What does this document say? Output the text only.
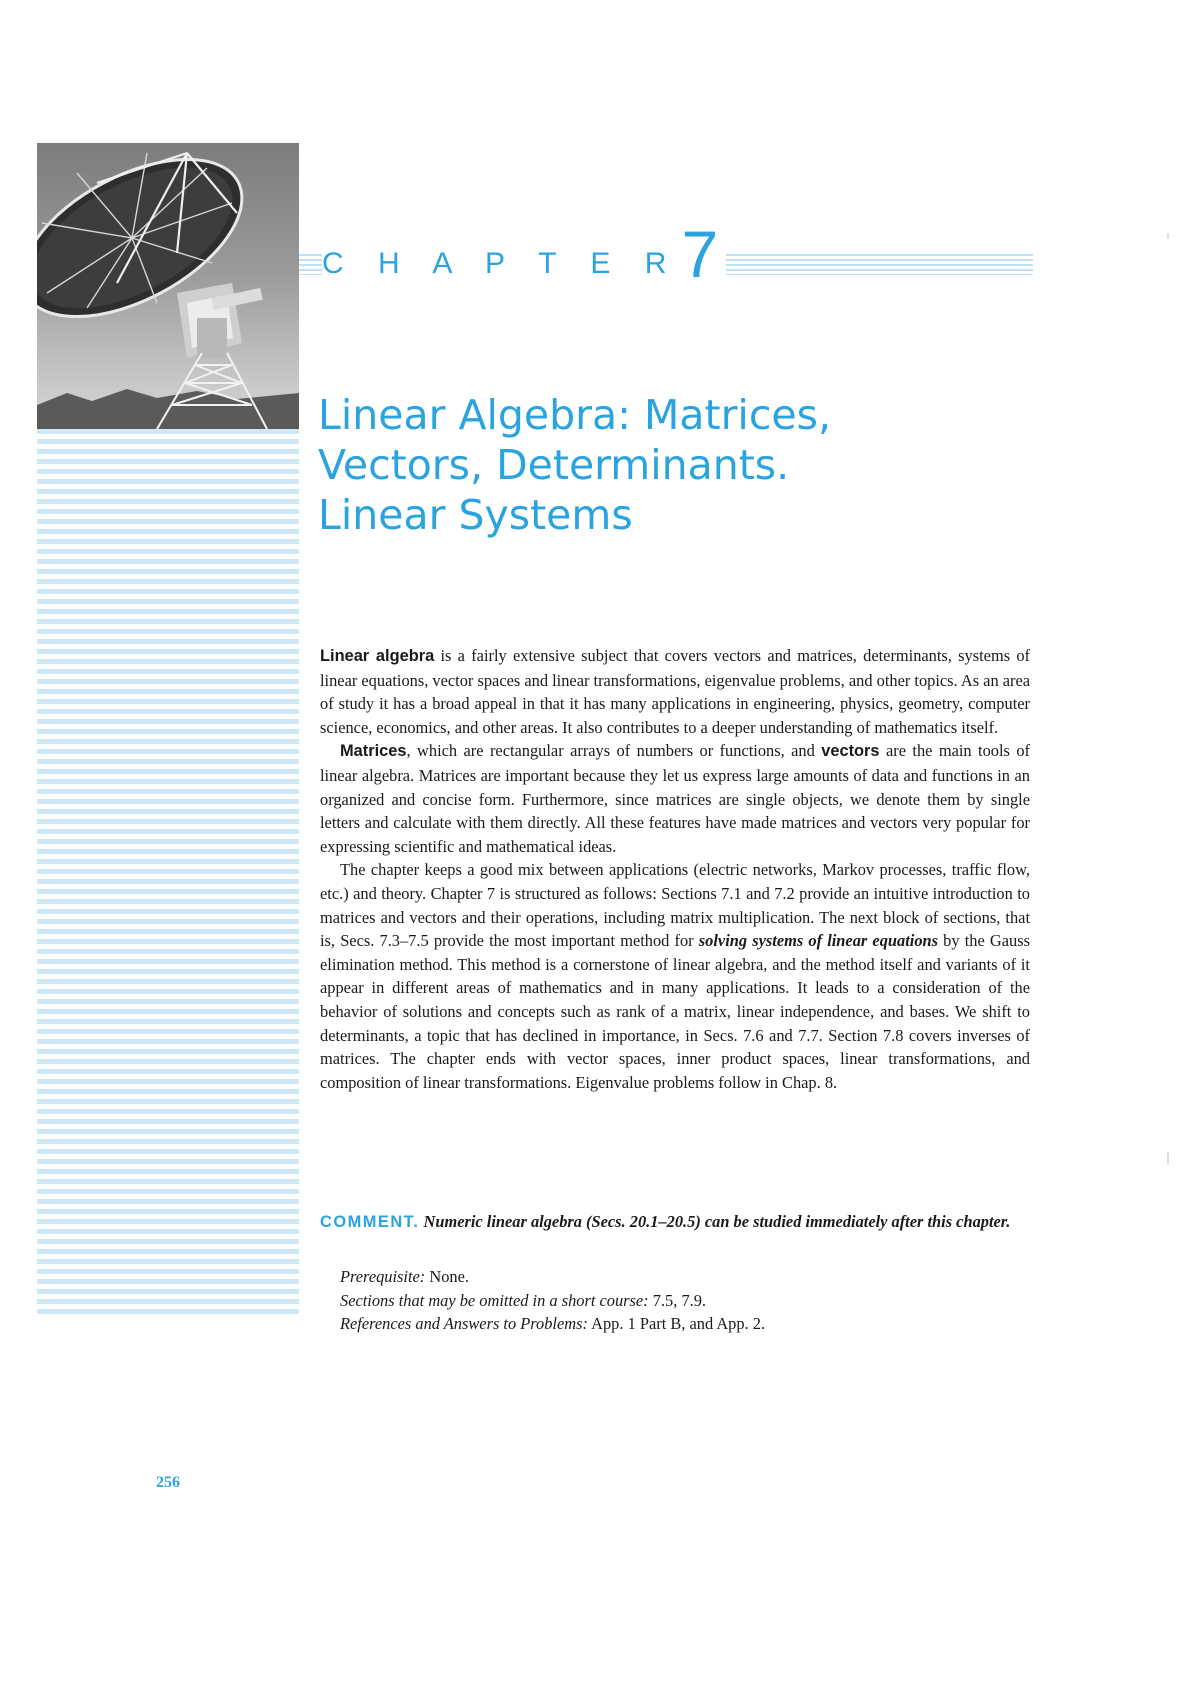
C H A P T E R 7
Linear Algebra: Matrices,
Vectors, Determinants.
Linear Systems

Linear algebra is a fairly extensive subject that covers vectors and matrices, determinants, systems of linear equations, vector spaces and linear transformations, eigenvalue problems, and other topics. As an area of study it has a broad appeal in that it has many applications in engineering, physics, geometry, computer science, economics, and other areas. It also contributes to a deeper understanding of mathematics itself.

Matrices, which are rectangular arrays of numbers or functions, and vectors are the main tools of linear algebra. Matrices are important because they let us express large amounts of data and functions in an organized and concise form. Furthermore, since matrices are single objects, we denote them by single letters and calculate with them directly. All these features have made matrices and vectors very popular for expressing scientific and mathematical ideas.

The chapter keeps a good mix between applications (electric networks, Markov processes, traffic flow, etc.) and theory. Chapter 7 is structured as follows: Sections 7.1 and 7.2 provide an intuitive introduction to matrices and vectors and their operations, including matrix multiplication. The next block of sections, that is, Secs. 7.3–7.5 provide the most important method for solving systems of linear equations by the Gauss elimination method. This method is a cornerstone of linear algebra, and the method itself and variants of it appear in different areas of mathematics and in many applications. It leads to a consideration of the behavior of solutions and concepts such as rank of a matrix, linear independence, and bases. We shift to determinants, a topic that has declined in importance, in Secs. 7.6 and 7.7. Section 7.8 covers inverses of matrices. The chapter ends with vector spaces, inner product spaces, linear transformations, and composition of linear transformations. Eigenvalue problems follow in Chap. 8.

COMMENT. Numeric linear algebra (Secs. 20.1–20.5) can be studied immediately after this chapter.
Prerequisite: None.
Sections that may be omitted in a short course: 7.5, 7.9.
References and Answers to Problems: App. 1 Part B, and App. 2.
256
